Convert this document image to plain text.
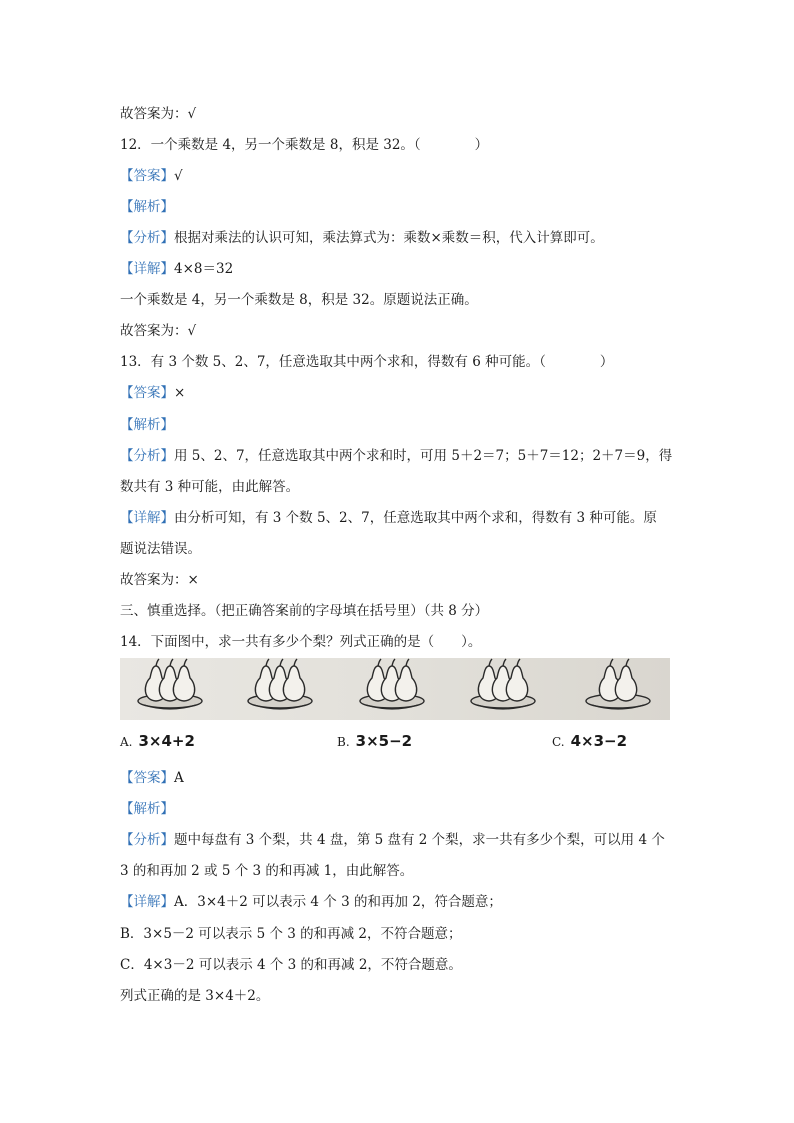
故答案为：√
12．一个乘数是 4，另一个乘数是 8，积是 32。（　　　　）
【答案】√
【解析】
【分析】根据对乘法的认识可知，乘法算式为：乘数×乘数＝积，代入计算即可。
【详解】4×8＝32
一个乘数是 4，另一个乘数是 8，积是 32。原题说法正确。
故答案为：√
13．有 3 个数 5、2、7，任意选取其中两个求和，得数有 6 种可能。（　　　　）
【答案】×
【解析】
【分析】用 5、2、7，任意选取其中两个求和时，可用 5＋2＝7；5＋7＝12；2＋7＝9，得
数共有 3 种可能，由此解答。
【详解】由分析可知，有 3 个数 5、2、7，任意选取其中两个求和，得数有 3 种可能。原
题说法错误。
故答案为：×
三、慎重选择。（把正确答案前的字母填在括号里）（共 8 分）
14．下面图中，求一共有多少个梨？列式正确的是（　　）。
A. 3×4+2	B. 3×5−2	C. 4×3−2
【答案】A
【解析】
【分析】题中每盘有 3 个梨，共 4 盘，第 5 盘有 2 个梨，求一共有多少个梨，可以用 4 个
3 的和再加 2 或 5 个 3 的和再减 1，由此解答。
【详解】A．3×4＋2 可以表示 4 个 3 的和再加 2，符合题意；
B．3×5－2 可以表示 5 个 3 的和再减 2，不符合题意；
C．4×3－2 可以表示 4 个 3 的和再减 2，不符合题意。
列式正确的是 3×4＋2。
